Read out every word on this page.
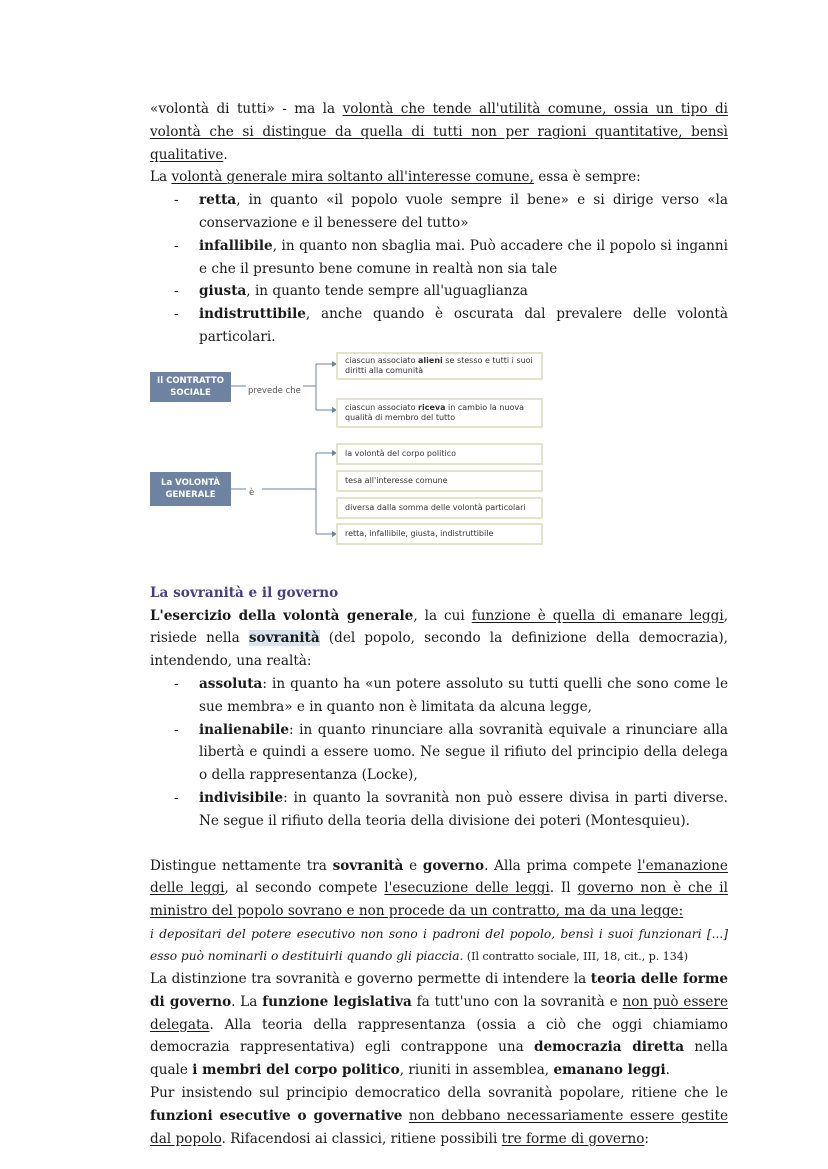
«volontà di tutti» - ma la volontà che tende all'utilità comune, ossia un tipo di volontà che si distingue da quella di tutti non per ragioni quantitative, bensì qualitative.

La volontà generale mira soltanto all'interesse comune, essa è sempre:

- retta, in quanto «il popolo vuole sempre il bene» e si dirige verso «la conservazione e il benessere del tutto»
- infallibile, in quanto non sbaglia mai. Può accadere che il popolo si inganni e che il presunto bene comune in realtà non sia tale
- giusta, in quanto tende sempre all'uguaglianza
- indistruttibile, anche quando è oscurata dal prevalere delle volontà particolari.
Il CONTRATTO SOCIALE	prevede che
ciascun associato alieni se stesso e tutti i suoi diritti alla comunità
ciascun associato riceva in cambio la nuova qualità di membro del tutto
La VOLONTÀ GENERALE	è
la volontà del corpo politico
tesa all'interesse comune
diversa dalla somma delle volontà particolari
retta, infallibile, giusta, indistruttibile

La sovranità e il governo

L'esercizio della volontà generale, la cui funzione è quella di emanare leggi, risiede nella sovranità (del popolo, secondo la definizione della democrazia), intendendo, una realtà:

- assoluta: in quanto ha «un potere assoluto su tutti quelli che sono come le sue membra» e in quanto non è limitata da alcuna legge,
- inalienabile: in quanto rinunciare alla sovranità equivale a rinunciare alla libertà e quindi a essere uomo. Ne segue il rifiuto del principio della delega o della rappresentanza (Locke),
- indivisibile: in quanto la sovranità non può essere divisa in parti diverse. Ne segue il rifiuto della teoria della divisione dei poteri (Montesquieu).

Distingue nettamente tra sovranità e governo. Alla prima compete l'emanazione delle leggi, al secondo compete l'esecuzione delle leggi. Il governo non è che il ministro del popolo sovrano e non procede da un contratto, ma da una legge:

i depositari del potere esecutivo non sono i padroni del popolo, bensì i suoi funzionari [...] esso può nominarli o destituirli quando gli piaccia. (Il contratto sociale, III, 18, cit., p. 134)

La distinzione tra sovranità e governo permette di intendere la teoria delle forme di governo. La funzione legislativa fa tutt'uno con la sovranità e non può essere delegata. Alla teoria della rappresentanza (ossia a ciò che oggi chiamiamo democrazia rappresentativa) egli contrappone una democrazia diretta nella quale i membri del corpo politico, riuniti in assemblea, emanano leggi.

Pur insistendo sul principio democratico della sovranità popolare, ritiene che le funzioni esecutive o governative non debbano necessariamente essere gestite dal popolo. Rifacendosi ai classici, ritiene possibili tre forme di governo:
